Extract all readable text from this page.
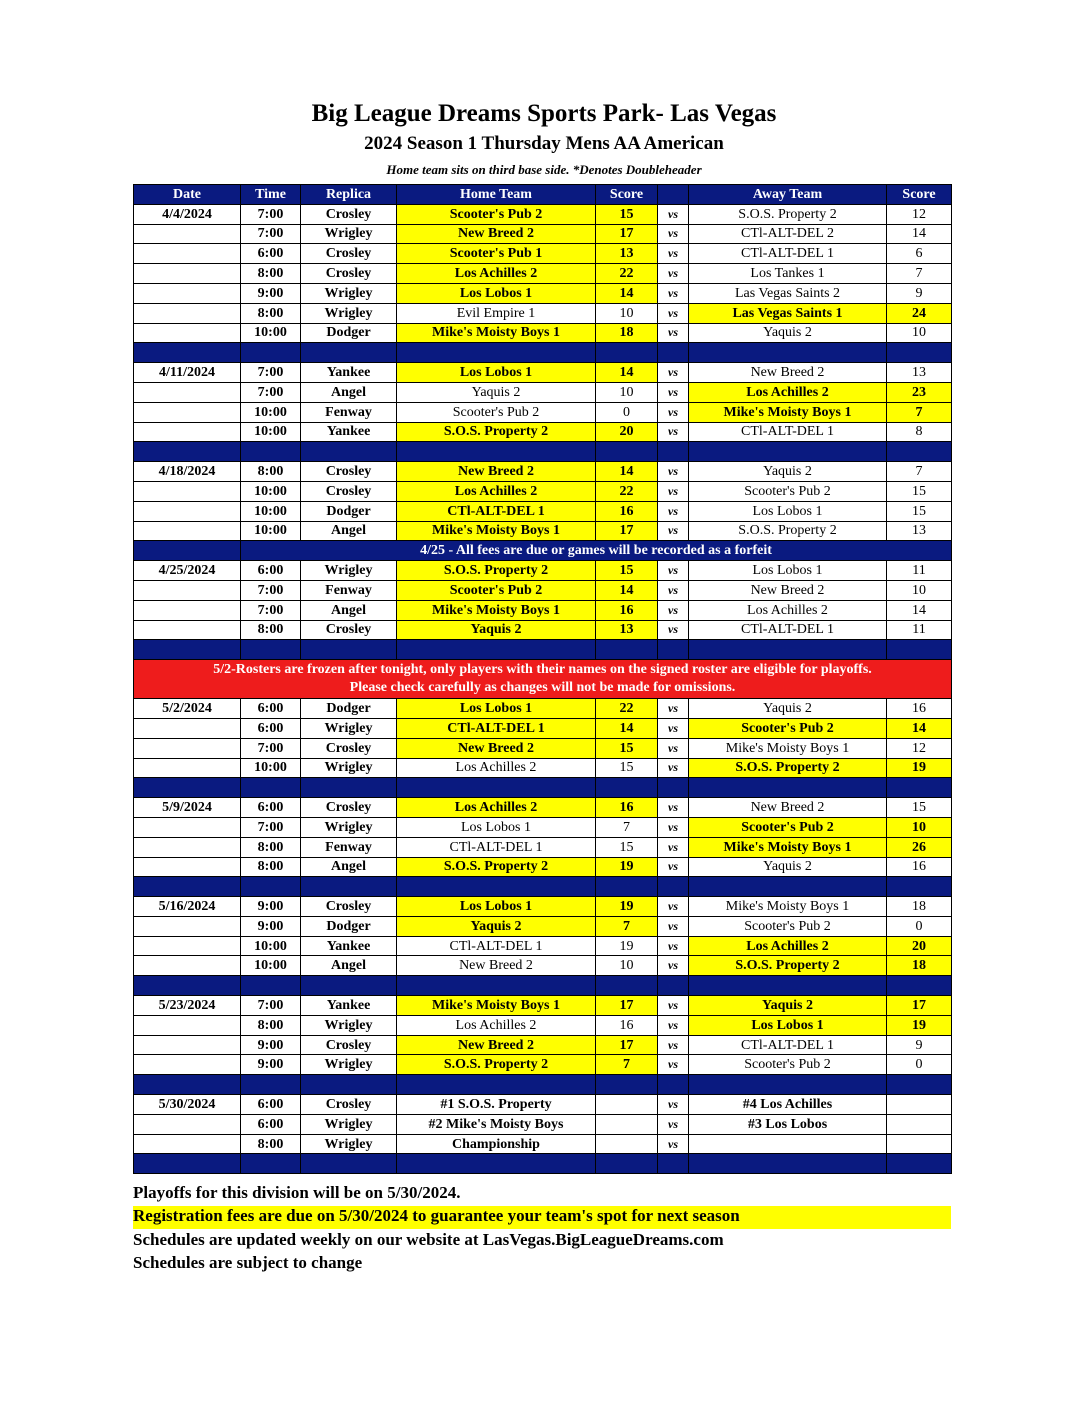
Big League Dreams Sports Park- Las Vegas
2024 Season 1 Thursday Mens AA American
Home team sits on third base side. *Denotes Doubleheader
Date	Time	Replica	Home Team	Score		Away Team	Score
4/4/2024	7:00	Crosley	Scooter's Pub 2	15	vs	S.O.S. Property 2	12
	7:00	Wrigley	New Breed 2	17	vs	CTl-ALT-DEL 2	14
	6:00	Crosley	Scooter's Pub 1	13	vs	CTl-ALT-DEL 1	6
	8:00	Crosley	Los Achilles 2	22	vs	Los Tankes 1	7
	9:00	Wrigley	Los Lobos 1	14	vs	Las Vegas Saints 2	9
	8:00	Wrigley	Evil Empire 1	10	vs	Las Vegas Saints 1	24
	10:00	Dodger	Mike's Moisty Boys 1	18	vs	Yaquis 2	10

4/11/2024	7:00	Yankee	Los Lobos 1	14	vs	New Breed 2	13
	7:00	Angel	Yaquis 2	10	vs	Los Achilles 2	23
	10:00	Fenway	Scooter's Pub 2	0	vs	Mike's Moisty Boys 1	7
	10:00	Yankee	S.O.S. Property 2	20	vs	CTl-ALT-DEL 1	8

4/18/2024	8:00	Crosley	New Breed 2	14	vs	Yaquis 2	7
	10:00	Crosley	Los Achilles 2	22	vs	Scooter's Pub 2	15
	10:00	Dodger	CTl-ALT-DEL 1	16	vs	Los Lobos 1	15
	10:00	Angel	Mike's Moisty Boys 1	17	vs	S.O.S. Property 2	13
	4/25 - All fees are due or games will be recorded as a forfeit						
4/25/2024	6:00	Wrigley	S.O.S. Property 2	15	vs	Los Lobos 1	11
	7:00	Fenway	Scooter's Pub 2	14	vs	New Breed 2	10
	7:00	Angel	Mike's Moisty Boys 1	16	vs	Los Achilles 2	14
	8:00	Crosley	Yaquis 2	13	vs	CTl-ALT-DEL 1	11

5/2-Rosters are frozen after tonight, only players with their names on the signed roster are eligible for playoffs.
Please check carefully as changes will not be made for omissions.							

5/2/2024	6:00	Dodger	Los Lobos 1	22	vs	Yaquis 2	16
	6:00	Wrigley	CTl-ALT-DEL 1	14	vs	Scooter's Pub 2	14
	7:00	Crosley	New Breed 2	15	vs	Mike's Moisty Boys 1	12
	10:00	Wrigley	Los Achilles 2	15	vs	S.O.S. Property 2	19

5/9/2024	6:00	Crosley	Los Achilles 2	16	vs	New Breed 2	15
	7:00	Wrigley	Los Lobos 1	7	vs	Scooter's Pub 2	10
	8:00	Fenway	CTl-ALT-DEL 1	15	vs	Mike's Moisty Boys 1	26
	8:00	Angel	S.O.S. Property 2	19	vs	Yaquis 2	16

5/16/2024	9:00	Crosley	Los Lobos 1	19	vs	Mike's Moisty Boys 1	18
	9:00	Dodger	Yaquis 2	7	vs	Scooter's Pub 2	0
	10:00	Yankee	CTl-ALT-DEL 1	19	vs	Los Achilles 2	20
	10:00	Angel	New Breed 2	10	vs	S.O.S. Property 2	18

5/23/2024	7:00	Yankee	Mike's Moisty Boys 1	17	vs	Yaquis 2	17
	8:00	Wrigley	Los Achilles 2	16	vs	Los Lobos 1	19
	9:00	Crosley	New Breed 2	17	vs	CTl-ALT-DEL 1	9
	9:00	Wrigley	S.O.S. Property 2	7	vs	Scooter's Pub 2	0

5/30/2024	6:00	Crosley	#1 S.O.S. Property		vs	#4 Los Achilles	
	6:00	Wrigley	#2 Mike's Moisty Boys		vs	#3 Los Lobos	
	8:00	Wrigley	Championship		vs		

Playoffs for this division will be on 5/30/2024.
Registration fees are due on 5/30/2024 to guarantee your team's spot for next season
Schedules are updated weekly on our website at LasVegas.BigLeagueDreams.com
Schedules are subject to change
